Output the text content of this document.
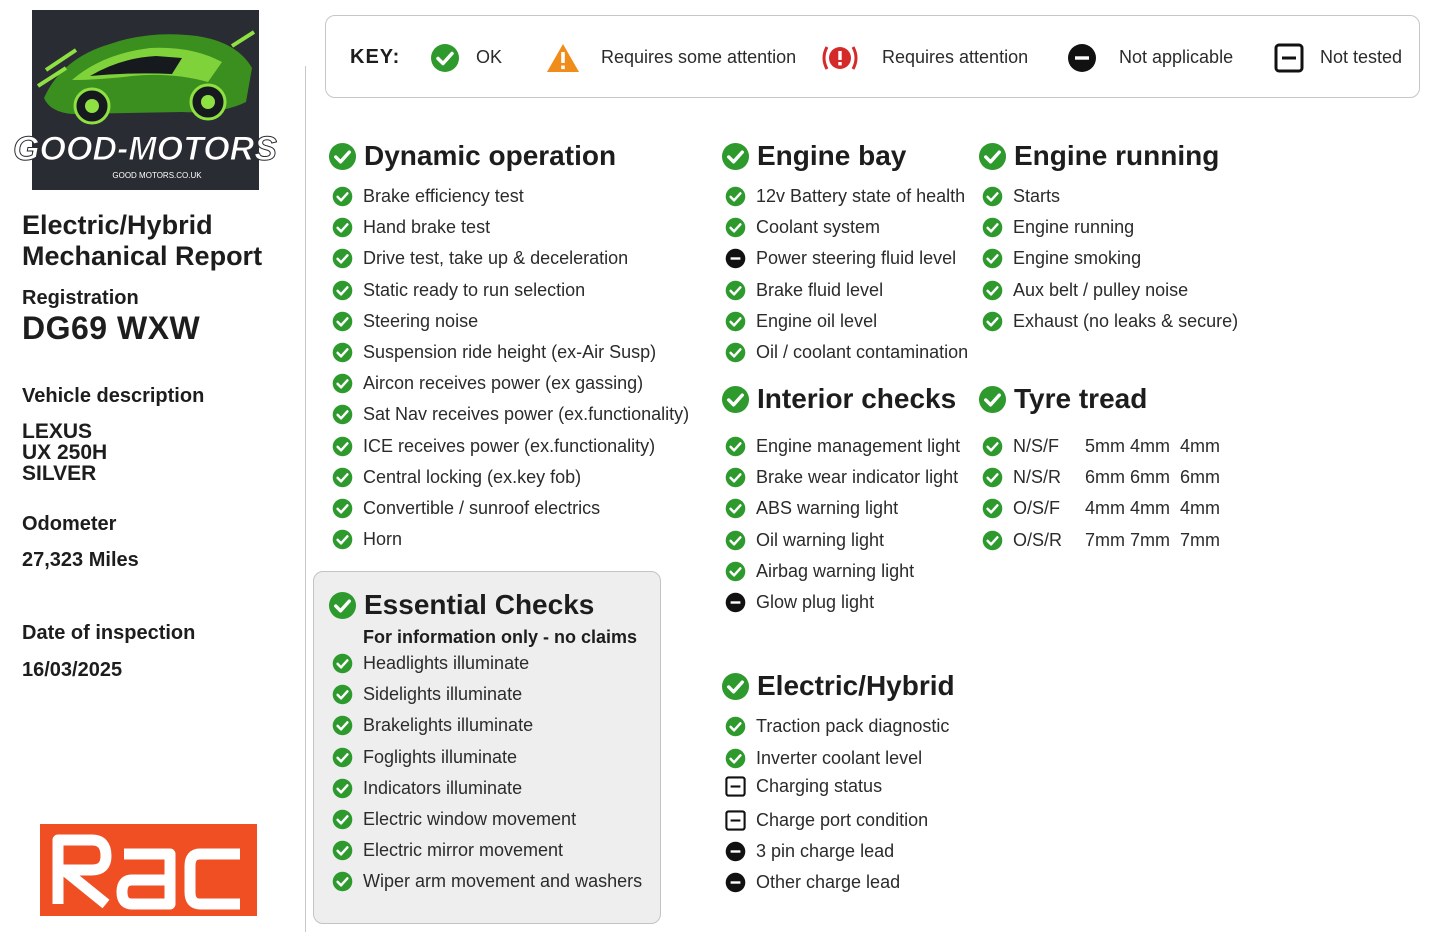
GOOD-MOTORS
GOOD MOTORS.CO.UK
Electric/Hybrid
Mechanical Report
Registration
DG69 WXW
Vehicle description
LEXUS
UX 250H
SILVER
Odometer
27,323 Miles
Date of inspection
16/03/2025
KEY:	OK	Requires some attention	Requires attention	Not applicable	Not tested
Dynamic operation
Brake efficiency test
Hand brake test
Drive test, take up & deceleration
Static ready to run selection
Steering noise
Suspension ride height (ex-Air Susp)
Aircon receives power (ex gassing)
Sat Nav receives power (ex.functionality)
ICE receives power (ex.functionality)
Central locking (ex.key fob)
Convertible / sunroof electrics
Horn
Essential Checks
For information only - no claims
Headlights illuminate
Sidelights illuminate
Brakelights illuminate
Foglights illuminate
Indicators illuminate
Electric window movement
Electric mirror movement
Wiper arm movement and washers
Engine bay
12v Battery state of health
Coolant system
Power steering fluid level
Brake fluid level
Engine oil level
Oil / coolant contamination
Interior checks
Engine management light
Brake wear indicator light
ABS warning light
Oil warning light
Airbag warning light
Glow plug light
Electric/Hybrid
Traction pack diagnostic
Inverter coolant level
Charging status
Charge port condition
3 pin charge lead
Other charge lead
Engine running
Starts
Engine running
Engine smoking
Aux belt / pulley noise
Exhaust (no leaks & secure)
Tyre tread
N/S/F	5mm 4mm  4mm
N/S/R	6mm 6mm  6mm
O/S/F	4mm 4mm  4mm
O/S/R	7mm 7mm  7mm
